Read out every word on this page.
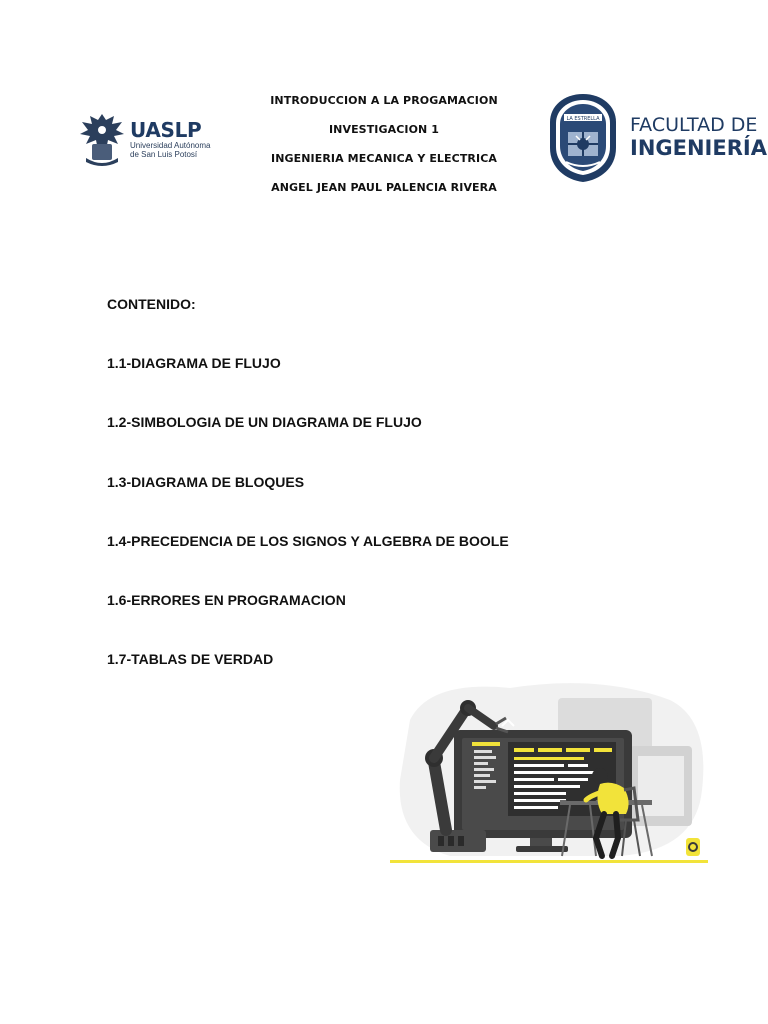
INTRODUCCION A LA PROGAMACION
INVESTIGACION 1
INGENIERIA MECANICA Y ELECTRICA
ANGEL JEAN PAUL PALENCIA RIVERA
UASLP
Universidad Autónoma
de San Luis Potosí
LA ESTRELLA FACULTAD DE
INGENIERÍA
CONTENIDO:
1.1-DIAGRAMA DE FLUJO
1.2-SIMBOLOGIA DE UN DIAGRAMA DE FLUJO
1.3-DIAGRAMA DE BLOQUES
1.4-PRECEDENCIA DE LOS SIGNOS Y ALGEBRA DE BOOLE
1.6-ERRORES EN PROGRAMACION
1.7-TABLAS DE VERDAD
